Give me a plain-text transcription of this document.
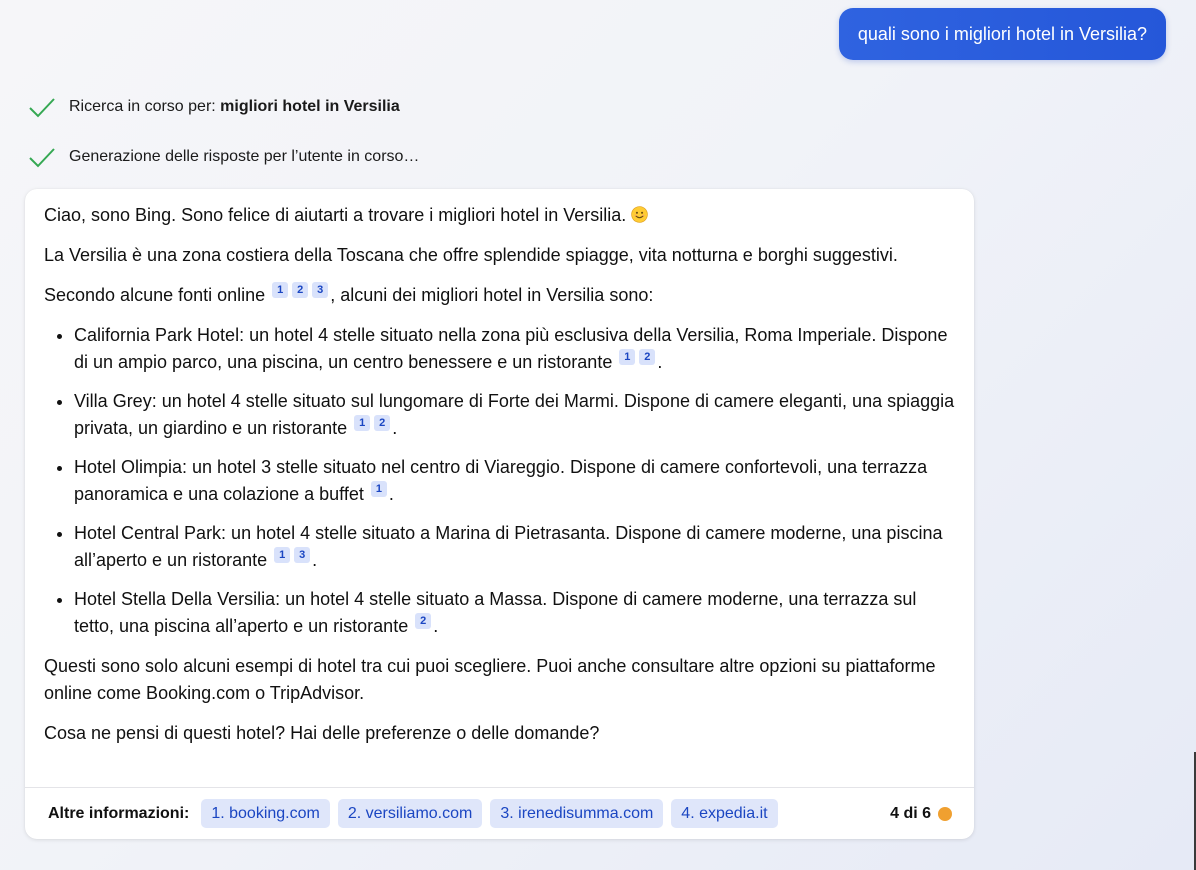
quali sono i migliori hotel in Versilia?
Ricerca in corso per: migliori hotel in Versilia
Generazione delle risposte per l’utente in corso…

Ciao, sono Bing. Sono felice di aiutarti a trovare i migliori hotel in Versilia.

La Versilia è una zona costiera della Toscana che offre splendide spiagge, vita notturna e borghi suggestivi.

Secondo alcune fonti online 1 2 3 , alcuni dei migliori hotel in Versilia sono:

• California Park Hotel: un hotel 4 stelle situato nella zona più esclusiva della Versilia, Roma Imperiale. Dispone di un ampio parco, una piscina, un centro benessere e un ristorante 1 2 .
• Villa Grey: un hotel 4 stelle situato sul lungomare di Forte dei Marmi. Dispone di camere eleganti, una spiaggia privata, un giardino e un ristorante 1 2 .
• Hotel Olimpia: un hotel 3 stelle situato nel centro di Viareggio. Dispone di camere confortevoli, una terrazza panoramica e una colazione a buffet 1 .
• Hotel Central Park: un hotel 4 stelle situato a Marina di Pietrasanta. Dispone di camere moderne, una piscina all’aperto e un ristorante 1 3 .
• Hotel Stella Della Versilia: un hotel 4 stelle situato a Massa. Dispone di camere moderne, una terrazza sul tetto, una piscina all’aperto e un ristorante 2 .

Questi sono solo alcuni esempi di hotel tra cui puoi scegliere. Puoi anche consultare altre opzioni su piattaforme online come Booking.com o TripAdvisor.

Cosa ne pensi di questi hotel? Hai delle preferenze o delle domande?

Altre informazioni:	1. booking.com	2. versiliamo.com	3. irenedisumma.com	4. expedia.it	4 di 6
